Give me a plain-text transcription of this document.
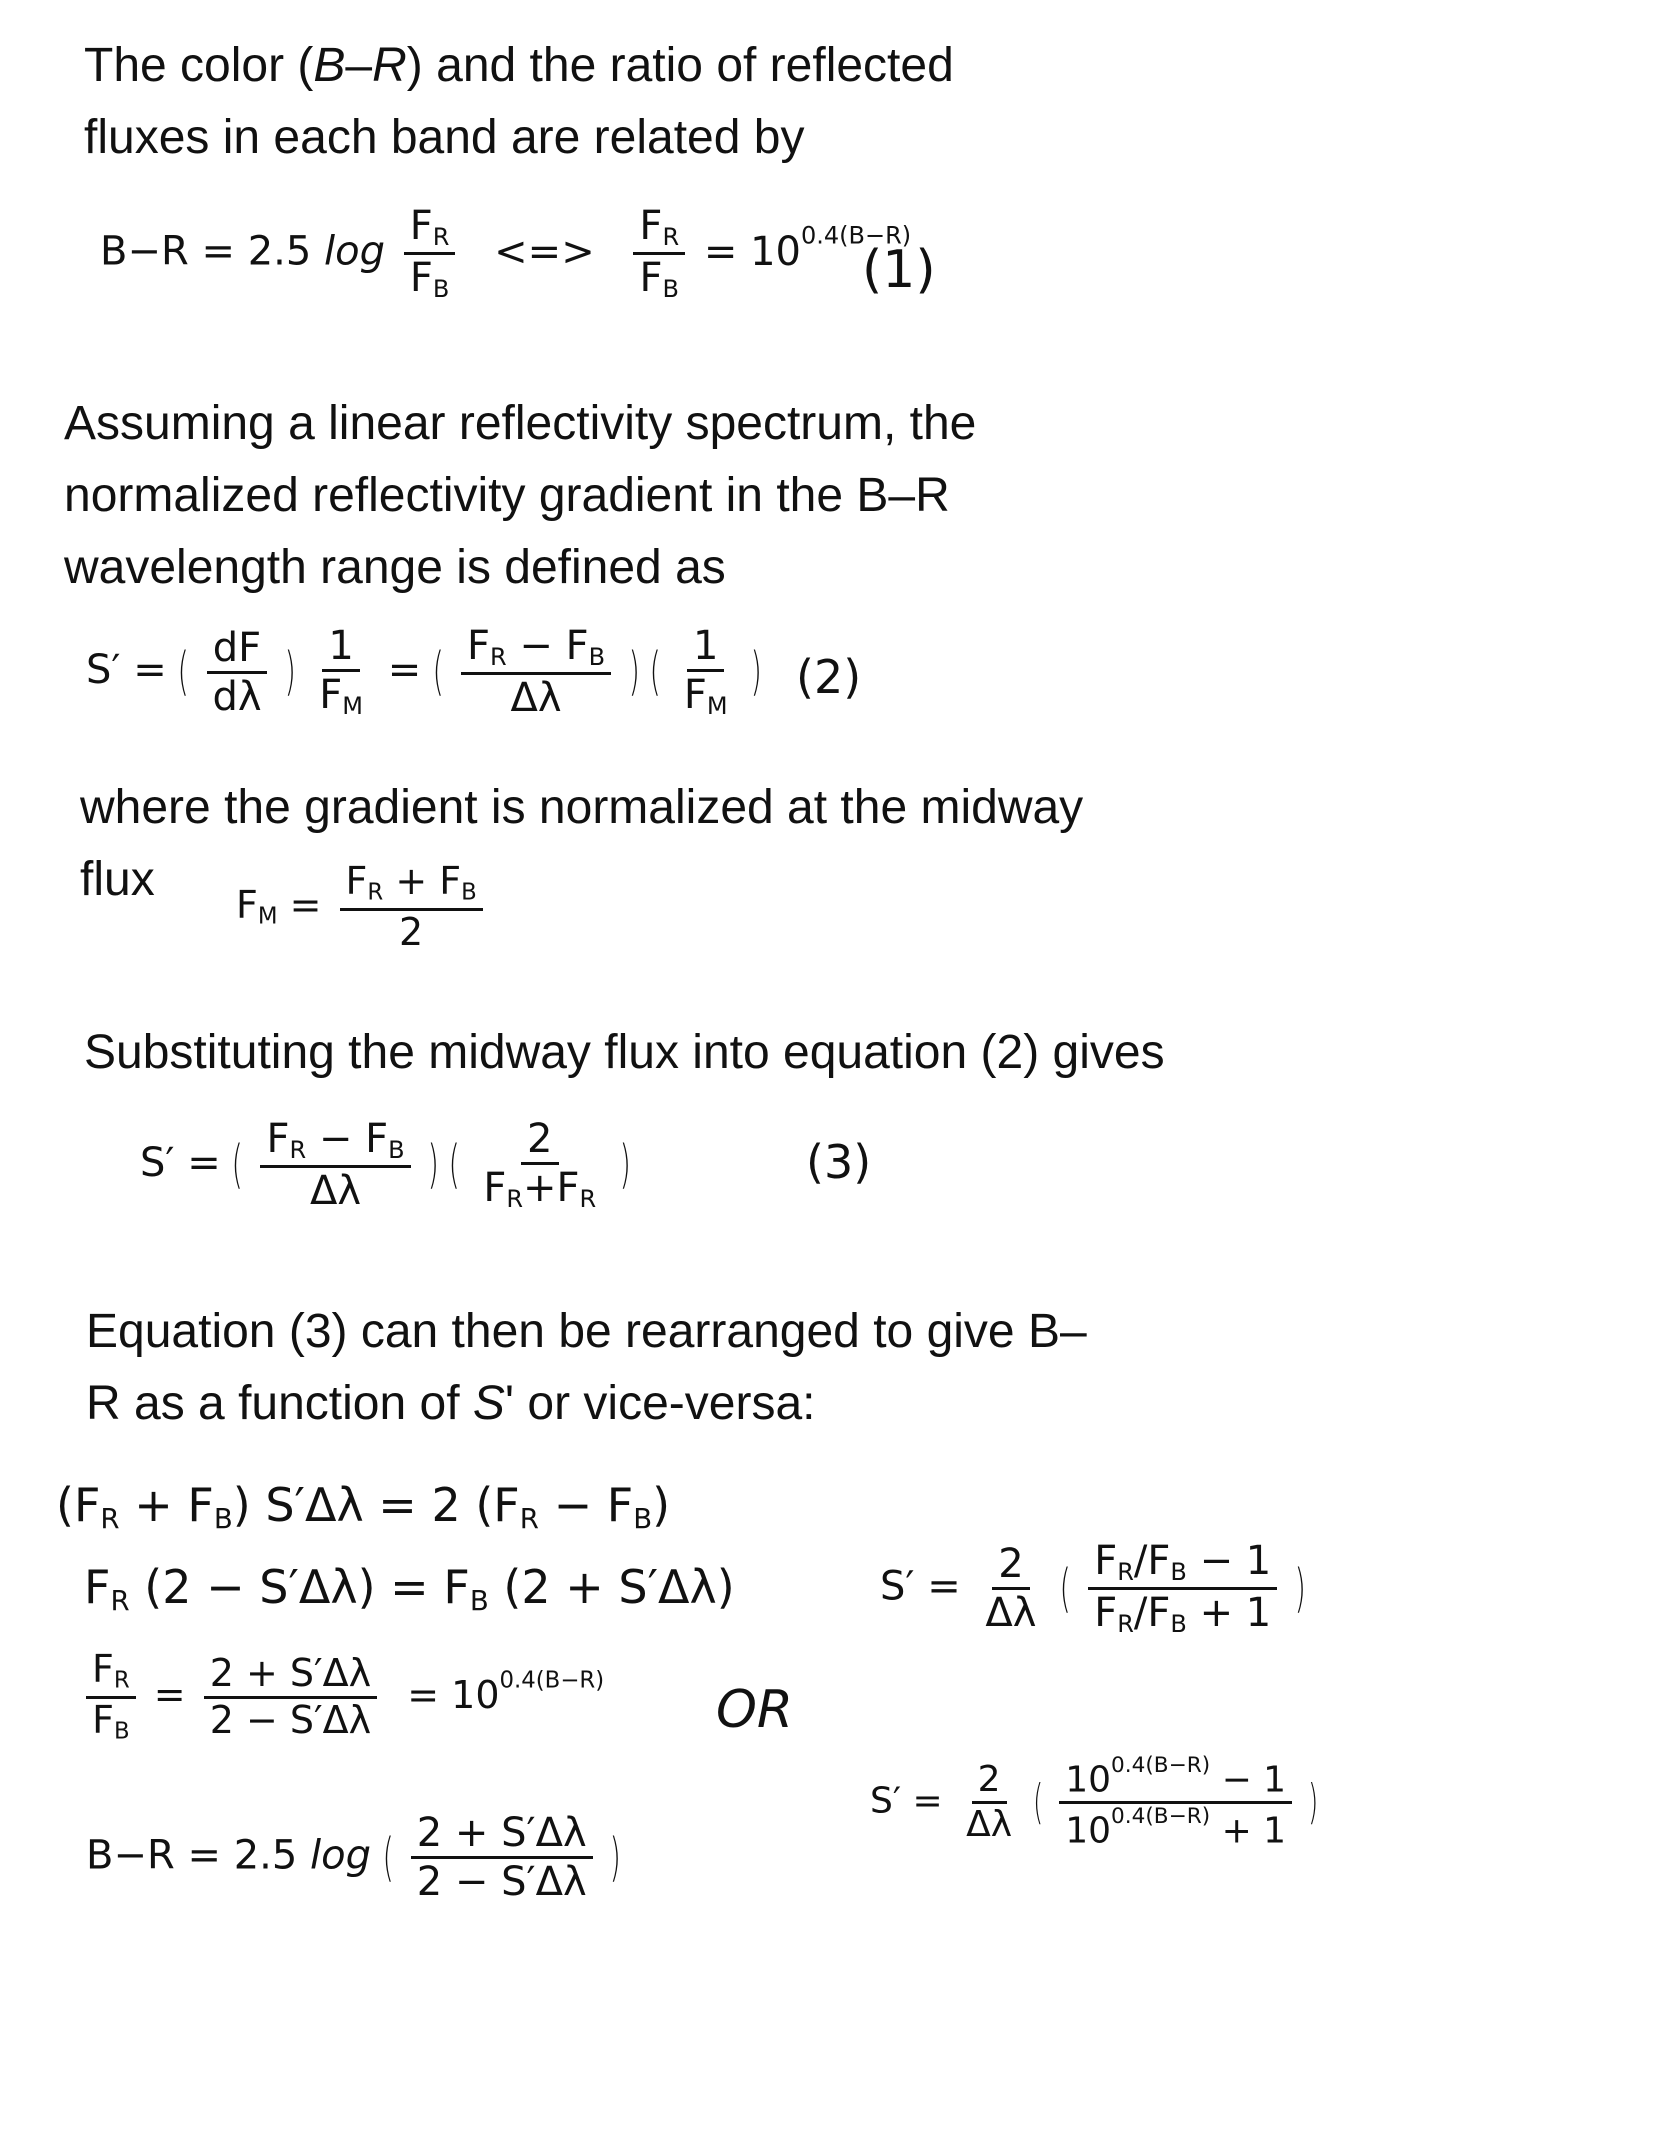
The color (B–R) and the ratio of reflected
fluxes in each band are related by
B−R = 2.5 $\log \frac{F_R}{F_B}$ <=> $\frac{F_R}{F_B} = 10^{0.4(B-R)}$
(1)
Assuming a linear reflectivity spectrum, the
normalized reflectivity gradient in the B–R
wavelength range is defined as
S′ = ( $\frac{dF}{d\lambda}$ ) $\frac{1}{F_M}$ = ( $\frac{F_R - F_B}{\Delta\lambda}$ ) ( $\frac{1}{F_M}$ ) (2)
where the gradient is normalized at the midway
flux $F_M = \frac{F_R + F_B}{2}$
Substituting the midway flux into equation (2) gives
S′ = ( $\frac{F_R - F_B}{\Delta\lambda}$ ) ( $\frac{2}{F_R+F_R}$ )	(3)
Equation (3) can then be rearranged to give B–
R as a function of S' or vice-versa:
$(F_R + F_B) S'\Delta\lambda = 2$ $(F_R - F_B)$
$F_R$ $(2 - S'\Delta\lambda) = F_B$ (2 + S′Δλ)
$\frac{F_R}{F_B} = \frac{2 + S'\Delta\lambda}{2 - S'\Delta\lambda} = 10^{0.4(B-R)}$
B−R = 2.5 log ( $\frac{2 + S'\Delta\lambda}{2 - S'\Delta\lambda}$ )
OR
$S' = \frac{2}{\Delta\lambda}$ ( $\frac{F_R/F_B - 1}{F_R/F_B + 1}$ )
$S' = \frac{2}{\Delta\lambda}$ ( $\frac{10^{0.4(B-R)} - 1}{10^{0.4(B-R)} + 1}$ )
